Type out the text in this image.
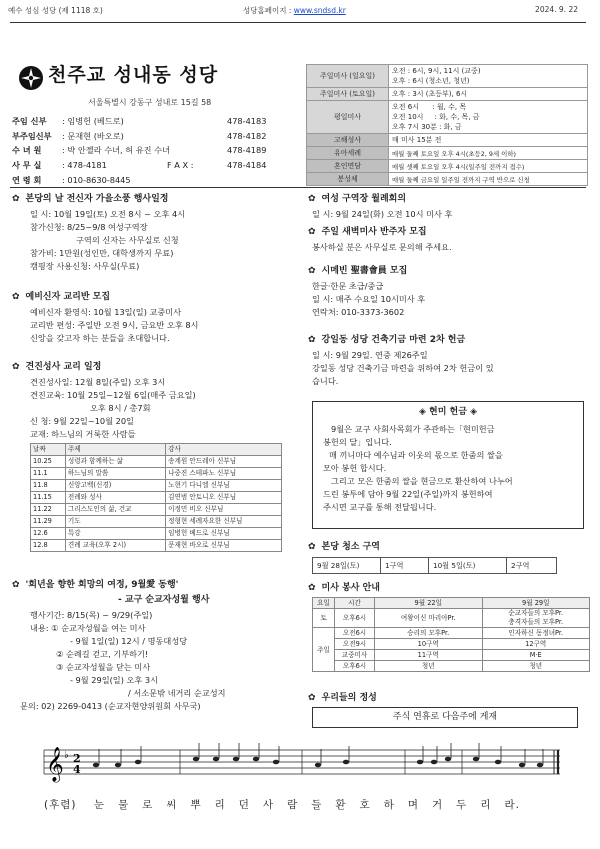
예수 성심 성당 (제 1118 호)	성당홈페이지 : www.sndsd.kr	2024. 9. 22
천주교 성내동 성당
서울특별시 강동구 성내로 15길 58
주임 신부	: 임병헌 (베드로)	478-4183
부주임신부	: 문재현 (바오로)	478-4182
수 녀 원	: 박 안젤라 수녀, 허 유진 수녀	478-4189
사 무 실	: 478-4181	F A X :	478-4184
연 령 회	: 010-8630-8445
주일미사 (일요일)	오전 : 6시, 9시, 11시 (교중)
오후 : 6시 (청소년, 청년)

주일미사 (토요일)	오후 : 3시 (초등부), 6시
평일미사	오전 6시      : 월, 수, 목
오전 10시     : 화, 수, 목, 금
오후 7시 30분 : 화, 금

고해성사	매 미사 15분 전
유아세례	매월 둘째 토요일 오후 4시(초등2, 9세 이하)
혼인면담	매월 셋째 토요일 오후 4시(일주일 전까지 접수)
봉성체	매월 둘째 금요일 일주일 전까지 구역 반으로 신청
✿ 본당의 날 전신자 가을소풍 행사일정
일 시: 10월 19일(토) 오전 8시 ~ 오후 4시
참가신청: 8/25~9/8 여성구역장
구역의 신자는 사무실로 신청
참가비: 1만원(성인만, 대학생까지 무료)
캠핑장 사용신청: 사무실(무료)
✿ 예비신자 교리반 모집
예비신자 환영식: 10월 13일(일) 교중미사
교리반 편성: 주일반 오전 9시, 금요반 오후 8시
신앙을 갖고자 하는 분들을 초대합니다.
✿ 견진성사 교리 일정
견진성사일: 12월 8일(주일) 오후 3시
견진교육: 10월 25일~12월 6일(매주 금요일)
오후 8시 / 총7회
신 청: 9월 22일~10월 20일
교재: 하느님의 거룩한 사람들
날짜	주제	강사
10.25	성령과 함께하는 삶	송계원 안드레아 신부님
11.1	하느님의 말씀	나중진 스테파노 신부님
11.8	신앙고백(신경)	노현기 다니엘 신부님
11.15	전례와 성사	김연범 안토니오 신부님
11.22	그리스도인의 삶, 건교	이정민 비오 신부님
11.29	기도	정형현 세례자요한 신부님
12.6	특강	임병헌 베드로 신부님
12.8	견례 교육(오후 2시)	문재현 바오로 신부님
✿ '희년을 향한 희망의 여정, 9월愛 동행'
- 교구 순교자성월 행사
행사기간: 8/15(목) ~ 9/29(주일)
내용: ① 순교자성월을 여는 미사
- 9월 1일(일) 12시 / 명동대성당
② 순례길 걷고, 기부하기!
③ 순교자성월을 닫는 미사
- 9월 29일(일) 오후 3시
/ 서소문밖 네거리 순교성지
문의: 02) 2269-0413 (순교자현양위원회 사무국)
✿ 여성 구역장 월례회의
일 시: 9월 24일(화) 오전 10시 미사 후
✿ 주일 새벽미사 반주자 모집
봉사하실 분은 사무실로 문의해 주세요.
✿ 시메빈 聖書會員 모집
한글·한문 초급/중급
일 시: 매주 수요일 10시미사 후
연락처: 010-3373-3602
✿ 강일동 성당 건축기금 마련 2차 헌금
일 시: 9월 29일. 연중 제26주일
강일동 성당 건축기금 마련을 위하여 2차 헌금이 있
습니다.
◈ 현미 헌금 ◈
9월은 교구 사회사목회가 주관하는「현미헌금
봉헌의 달」입니다.
매 끼니마다 예수님과 이웃의 몫으로 한줌의 쌀을
모아 봉헌 합시다.
그리고 모은 한줌의 쌀을 현금으로 환산하여 나누어
드린 봉투에 담아 9월 22일(주일)까지 봉헌하여
주시면 교구를 통해 전달됩니다.
✿ 본당 청소 구역
9월 28일(토)	1구역	10월 5일(토)	2구역
✿ 미사 봉사 안내
요일	시간	9월 22일	9월 29일
토	오후6시	여왕이신 마리아Pr.	순교자들의 모후Pr.
충격자들의 모후Pr.
주일	오전6시	승리의 모후Pr.	인자하신 동정녀Pr.
	오전9시	10구역	12구역
	교중미사	11구역	M·E
	오후6시	청년	청년
✿ 우리들의 정성
주식 연휴로 다음주에 게재
𝄞 ♭ 2
4
(후렴) 눈 물 로 씨 뿌 리 던 사 람 들 환 호 하 며 거 두 리 라.
